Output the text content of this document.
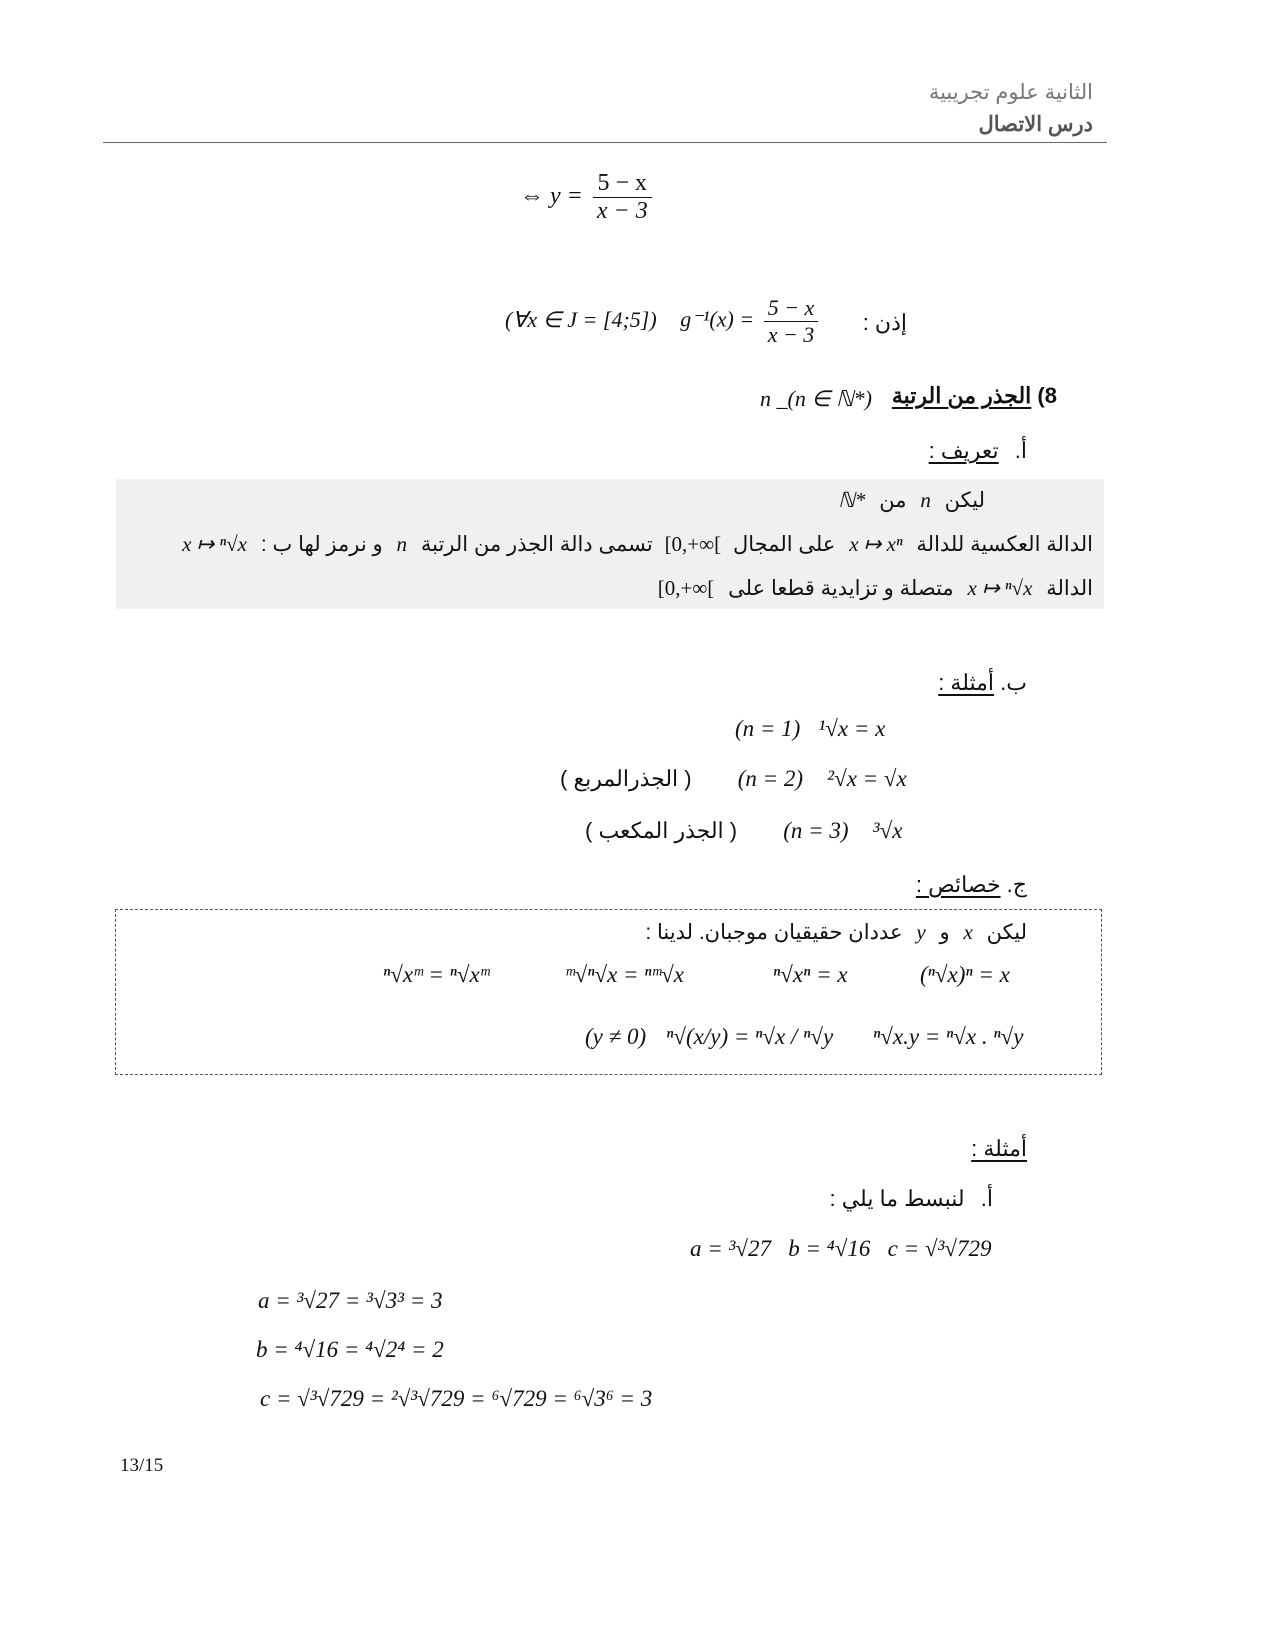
الثانية علوم تجريبية
درس الاتصال
⇔ $y = \frac{5 - x}{x - 3}$
إذن :
(∀x ∈ J = [4;5]) $g^{-1}(x) = \frac{5 - x}{x - 3}$
8) الجذر من الرتبة
n _(n ∈ ℕ*)
أ. تعريف :
ليكن n من ℕ*
الدالة العكسية للدالة x ↦ xⁿ على المجال [0,+∞[ تسمى دالة الجذر من الرتبة n و نرمز لها ب : x ↦ ⁿ√x
الدالة x ↦ ⁿ√x متصلة و تزايدية قطعا على [0,+∞[
ب. أمثلة :
(n = 1) ¹√x = x
( الجذرالمربع ) (n = 2) ²√x = √x
( الجذر المكعب ) (n = 3) ³√x
ج. خصائص :
ليكن x و y عددان حقيقيان موجبان. لدينا :
(ⁿ√x)ⁿ = x
ⁿ√xⁿ = x
ᵐ√ⁿ√x = ⁿᵐ√x
ⁿ√xᵐ = ⁿ√xᵐ
ⁿ√x.y = ⁿ√x . ⁿ√y
(y ≠ 0) ⁿ√(x/y) = ⁿ√x / ⁿ√y
أمثلة :
أ. لنبسط ما يلي :
a = ³√27   b = ⁴√16   c = √³√729
a = ³√27 = ³√3³ = 3
b = ⁴√16 = ⁴√2⁴ = 2
c = √³√729 = ²√³√729 = ⁶√729 = ⁶√3⁶ = 3
13/15
